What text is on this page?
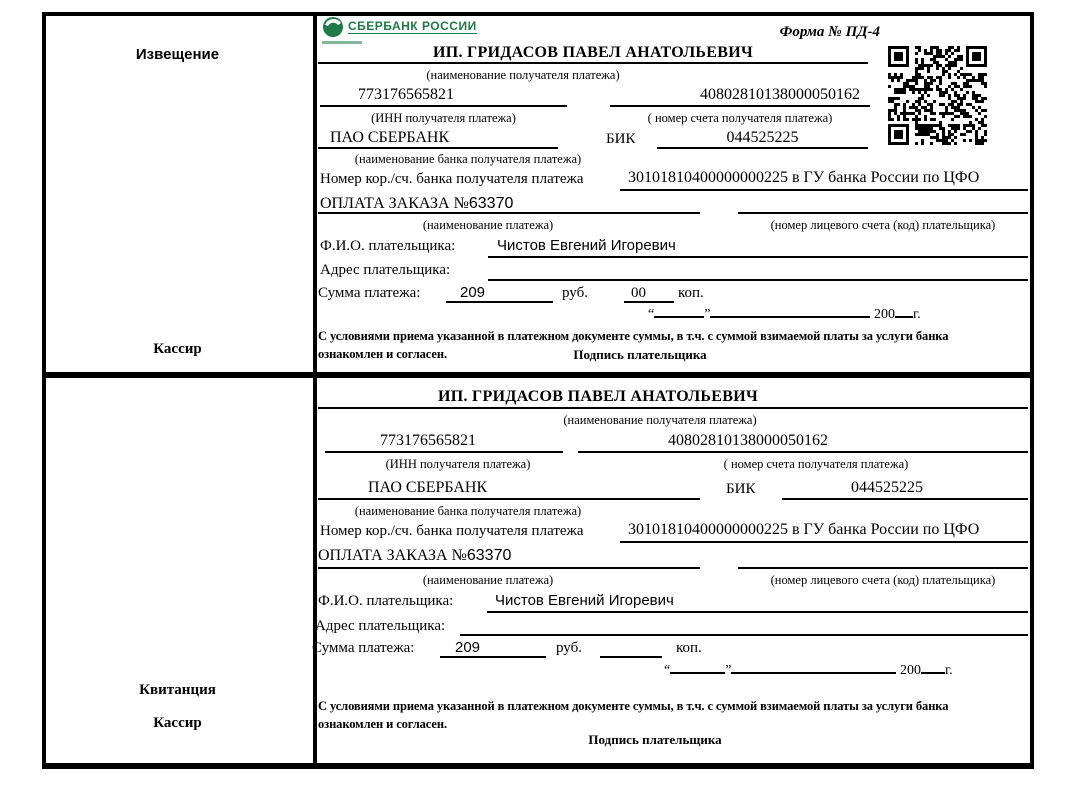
Извещение
Кассир
Квитанция
Кассир
СБЕРБАНК РОССИИ	Форма № ПД-4
ИП. ГРИДАСОВ ПАВЕЛ АНАТОЛЬЕВИЧ
(наименование получателя платежа)
773176565821	40802810138000050162
(ИНН получателя платежа)	( номер счета получателя платежа)
ПАО СБЕРБАНК	БИК	044525225
(наименование банка получателя платежа)
Номер кор./сч. банка получателя платежа	30101810400000000225 в ГУ банка России по ЦФО
ОПЛАТА ЗАКАЗА №63370
(наименование платежа)	(номер лицевого счета (код) плательщика)
Ф.И.О. плательщика:	Чистов Евгений Игоревич
Адрес плательщика:
Сумма платежа:	209	руб.	00 коп.
“	”	200 г.
С условиями приема указанной в платежном документе суммы, в т.ч. с суммой взимаемой платы за услуги банка
ознакомлен и согласен.	Подпись плательщика
ИП. ГРИДАСОВ ПАВЕЛ АНАТОЛЬЕВИЧ
(наименование получателя платежа)
773176565821	40802810138000050162
(ИНН получателя платежа)	( номер счета получателя платежа)
ПАО СБЕРБАНК	БИК	044525225
(наименование банка получателя платежа)
Номер кор./сч. банка получателя платежа	30101810400000000225 в ГУ банка России по ЦФО
ОПЛАТА ЗАКАЗА №63370
(наименование платежа)	(номер лицевого счета (код) плательщика)
Ф.И.О. плательщика:	Чистов Евгений Игоревич
Адрес плательщика:
Сумма платежа:	209	руб.	коп.
“	”	200 г.
С условиями приема указанной в платежном документе суммы, в т.ч. с суммой взимаемой платы за услуги банка
ознакомлен и согласен.
Подпись плательщика
